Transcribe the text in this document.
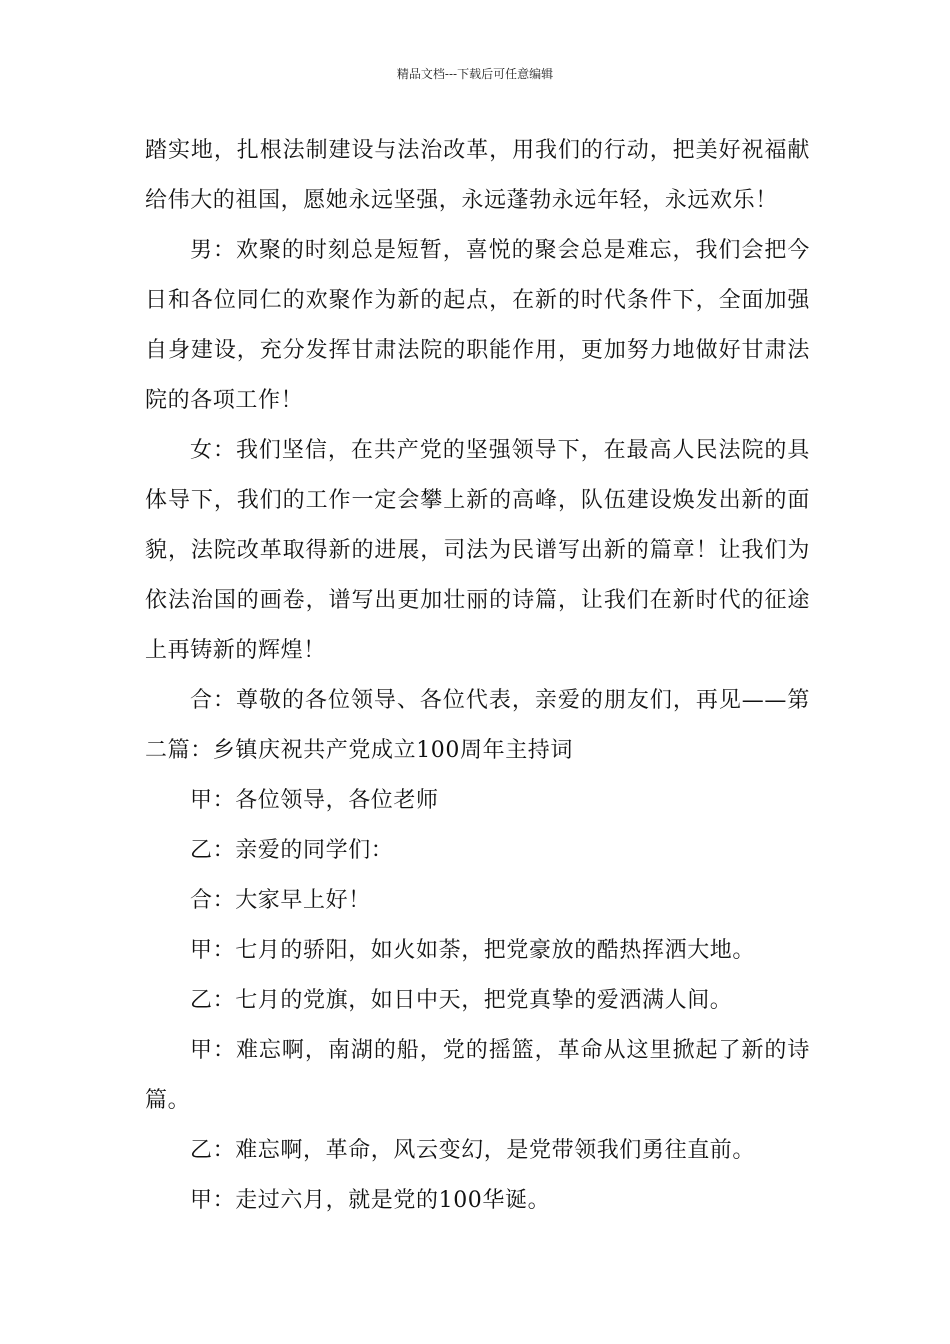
精品文档---下载后可任意编辑

踏实地，扎根法制建设与法治改革，用我们的行动，把美好祝福献给伟大的祖国，愿她永远坚强，永远蓬勃永远年轻，永远欢乐！

男：欢聚的时刻总是短暂，喜悦的聚会总是难忘，我们会把今日和各位同仁的欢聚作为新的起点，在新的时代条件下，全面加强自身建设，充分发挥甘肃法院的职能作用，更加努力地做好甘肃法院的各项工作！

女：我们坚信，在共产党的坚强领导下，在最高人民法院的具体导下，我们的工作一定会攀上新的高峰，队伍建设焕发出新的面貌，法院改革取得新的进展，司法为民谱写出新的篇章！让我们为依法治国的画卷，谱写出更加壮丽的诗篇，让我们在新时代的征途上再铸新的辉煌！

合：尊敬的各位领导、各位代表，亲爱的朋友们，再见——第二篇：乡镇庆祝共产党成立100周年主持词

甲：各位领导，各位老师

乙：亲爱的同学们：

合：大家早上好！

甲：七月的骄阳，如火如荼，把党豪放的酷热挥洒大地。

乙：七月的党旗，如日中天，把党真挚的爱洒满人间。

甲：难忘啊，南湖的船，党的摇篮，革命从这里掀起了新的诗篇。

乙：难忘啊，革命，风云变幻，是党带领我们勇往直前。

甲：走过六月，就是党的100华诞。
